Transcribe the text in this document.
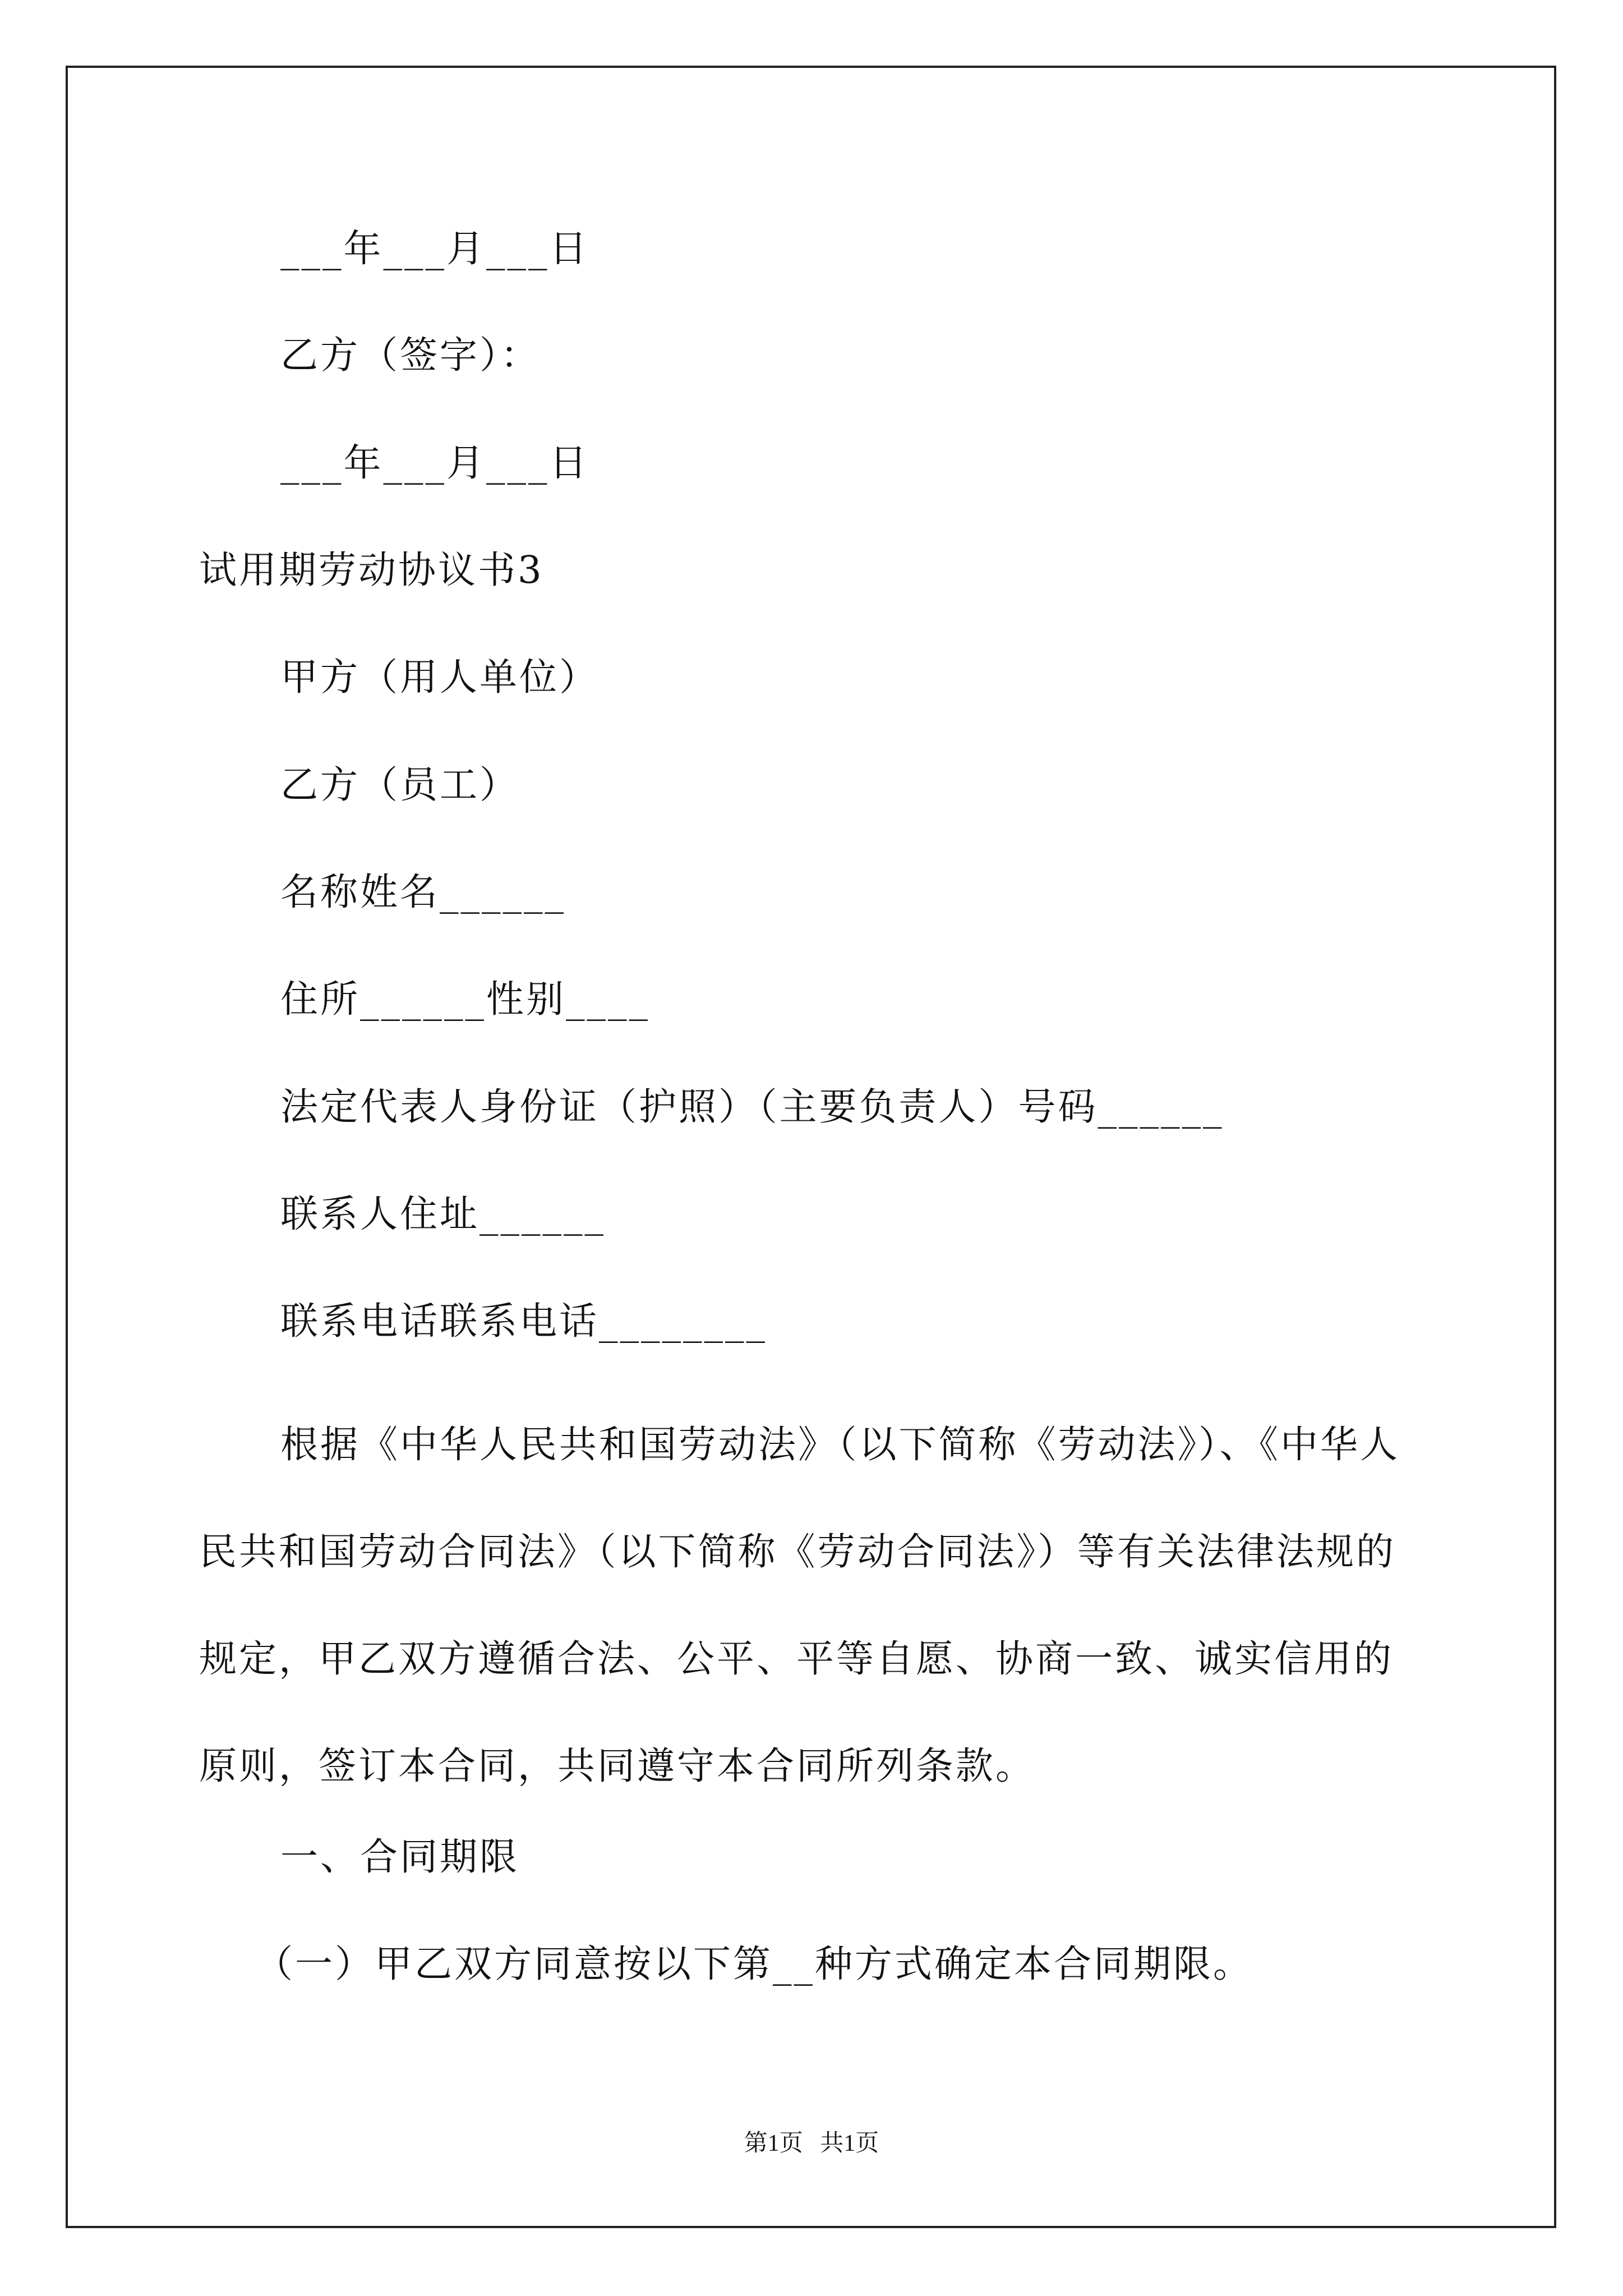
___年___月___日
乙方（签字）：
___年___月___日
试用期劳动协议书3
甲方（用人单位）
乙方（员工）
名称姓名______
住所______性别____
法定代表人身份证（护照）（主要负责人）号码______
联系人住址______
联系电话联系电话________

根据《中华人民共和国劳动法》（以下简称《劳动法》）、《中华人民共和国劳动合同法》（以下简称《劳动合同法》）等有关法律法规的规定，甲乙双方遵循合法、公平、平等自愿、协商一致、诚实信用的原则，签订本合同，共同遵守本合同所列条款。

一、合同期限
（一）甲乙双方同意按以下第__种方式确定本合同期限。
第1页 共1页
